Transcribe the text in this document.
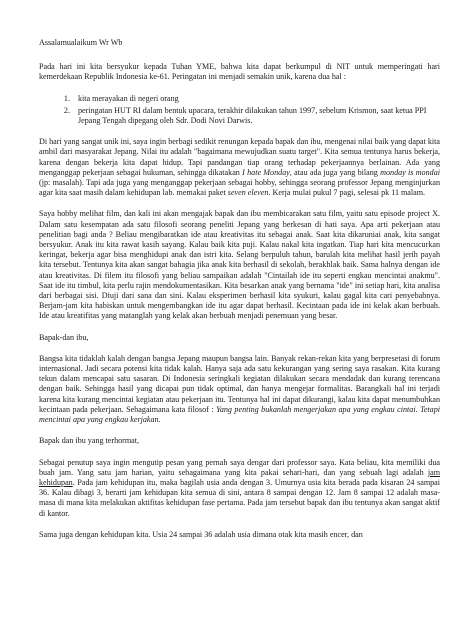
Assalamualaikum Wr Wb

Pada hari ini kita bersyukur kepada Tuhan YME, bahwa kita dapat berkumpul di NIT untuk memperingati hari kemerdekaan Republik Indonesia ke-61. Peringatan ini menjadi semakin unik, karena dua hal :

1. kita merayakan di negeri orang
2. peringatan HUT RI dalam bentuk upacara, terakhir dilakukan tahun 1997, sebelum Krismon, saat ketua PPI Jepang Tengah dipegang oleh Sdr. Dodi Novi Darwis.

Di hari yang sangat unik ini, saya ingin berbagi sedikit renungan kepada bapak dan ibu, mengenai nilai baik yang dapat kita ambil dari masyarakat Jepang. Nilai itu adalah "bagaimana mewujudkan suatu target". Kita semua tentunya harus bekerja, karena dengan bekerja kita dapat hidup. Tapi pandangan tiap orang terhadap pekerjaannya berlainan. Ada yang menganggap pekerjaan sebagai hukuman, sehingga dikatakan I hate Monday, atau ada juga yang bilang monday is mondai (jp: masalah). Tapi ada juga yang menganggap pekerjaan sebagai hobby, sehingga seorang professor Jepang menginjurkan agar kita saat masih dalam kehidupan lab. memakai paket seven eleven. Kerja mulai pukul 7 pagi, selesai pk 11 malam.

Saya hobby melihat film, dan kali ini akan mengajak bapak dan ibu membicarakan satu film, yaitu satu episode project X. Dalam satu kesempatan ada satu filosofi seorang peneliti Jepang yang berkesan di hati saya. Apa arti pekerjaan atau penelitian bagi anda ? Beliau mengibaratkan ide atau kreativitas itu sebagai anak. Saat kita dikaruniai anak, kita sangat bersyukur. Anak itu kita rawat kasih sayang. Kalau baik kita puji. Kalau nakal kita ingatkan. Tiap hari kita mencucurkan keringat, bekerja agar bisa menghidupi anak dan istri kita. Selang berpuluh tahun, barulah kita melihat hasil jerih payah kita tersebut. Tentunya kita akan sangat bahagia jika anak kita berhasil di sekolah, berakhlak baik. Sama halnya dengan ide atau kreativitas. Di filem itu filosofi yang beliau sampaikan adalah "Cintailah ide itu seperti engkau mencintai anakmu". Saat ide itu timbul, kita perlu rajin mendokumentasikan. Kita besarkan anak yang bernama "ide" ini setiap hari, kita analisa dari berbagai sisi. Diuji dari sana dan sini. Kalau eksperimen berhasil kita syukuri, kalau gagal kita cari penyebabnya. Berjam-jam kita habiskan untuk mengembangkan ide itu agar dapat berhasil. Kecintaan pada ide ini kelak akan berbuah. Ide atau kreatifitas yang matanglah yang kelak akan berbuah menjadi penemuan yang besar.

Bapak-dan ibu,

Bangsa kita tidaklah kalah dengan bangsa Jepang maupun bangsa lain. Banyak rekan-rekan kita yang berpresetasi di forum internasional. Jadi secara potensi kita tidak kalah. Hanya saja ada satu kekurangan yang sering saya rasakan. Kita kurang tekun dalam mencapai satu sasaran. Di Indonesia seringkali kegiatan dilakukan secara mendadak dan kurang terencana dengan baik. Sehingga hasil yang dicapai pun tidak optimal, dan hanya mengejar formalitas. Barangkali hal ini terjadi karena kita kurang mencintai kegiatan atau pekerjaan itu. Tentunya hal ini dapat dikurangi, kalau kita dapat menumbuhkan kecintaan pada pekerjaan. Sebagaimana kata filosof : Yang penting bukanlah mengerjakan apa yang engkau cintai. Tetapi mencintai apa yang engkau kerjakan.

Bapak dan ibu yang terhormat,

Sebagai penutup saya ingin mengutip pesan yang pernah saya dengar dari professor saya. Kata beliau, kita memiliki dua buah jam. Yang satu jam harian, yaitu sebagaimana yang kita pakai sehari-hari, dan yang sebuah lagi adalah jam kehidupan. Pada jam kehidupan itu, maka bagilah usia anda dengan 3. Umurnya usia kita berada pada kisaran 24 sampai 36. Kalau dibagi 3, berarti jam kehidupan kita semua di sini, antara 8 sampai dengan 12. Jam 8 sampai 12 adalah masa-masa di mana kita melakukan aktifitas kehidupan fase pertama. Pada jam tersebut bapak dan ibu tentunya akan sangat aktif di kantor.

Sama juga dengan kehidupan kita. Usia 24 sampai 36 adalah usia dimana otak kita masih encer, dan
